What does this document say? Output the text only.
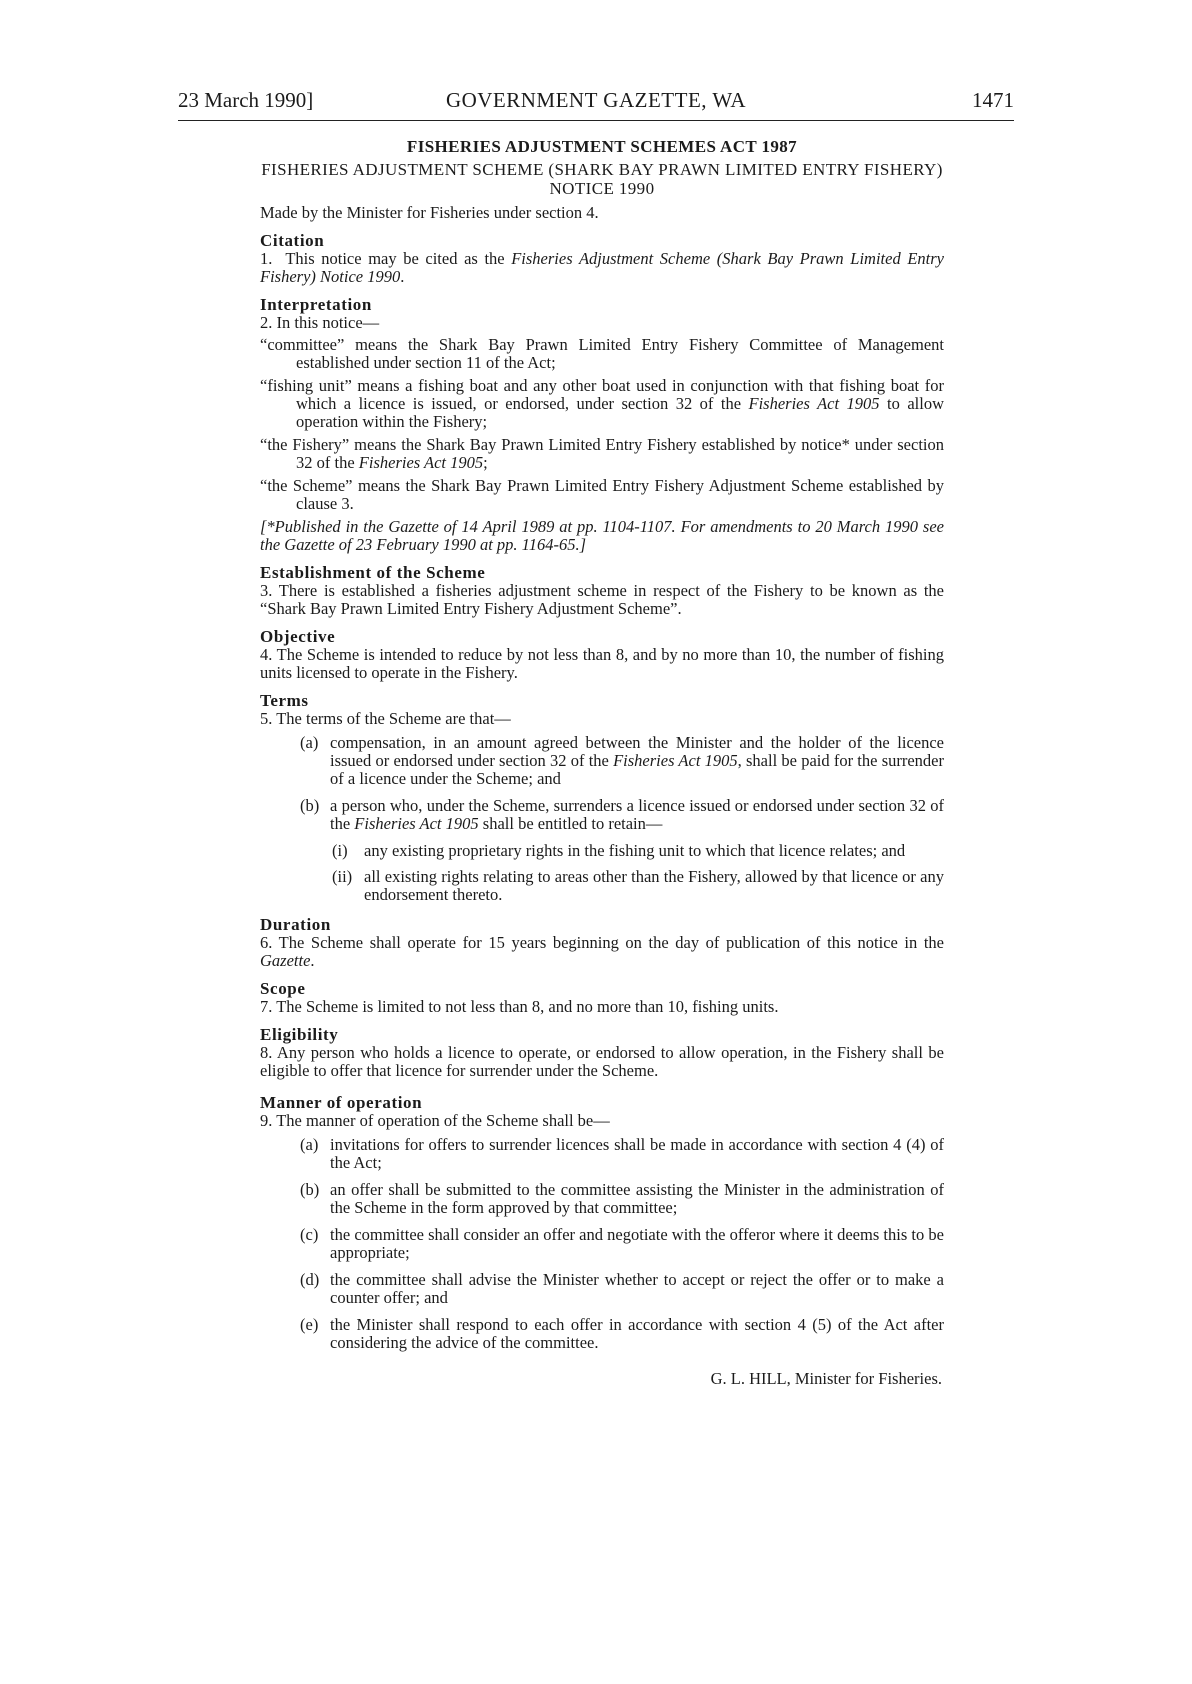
23 March 1990]	GOVERNMENT GAZETTE, WA	1471
FISHERIES ADJUSTMENT SCHEMES ACT 1987
FISHERIES ADJUSTMENT SCHEME (SHARK BAY PRAWN LIMITED ENTRY FISHERY) NOTICE 1990

Made by the Minister for Fisheries under section 4.

Citation

1. This notice may be cited as the Fisheries Adjustment Scheme (Shark Bay Prawn Limited Entry Fishery) Notice 1990.

Interpretation

2. In this notice—

“committee” means the Shark Bay Prawn Limited Entry Fishery Committee of Management established under section 11 of the Act;

“fishing unit” means a fishing boat and any other boat used in conjunction with that fishing boat for which a licence is issued, or endorsed, under section 32 of the Fisheries Act 1905 to allow operation within the Fishery;

“the Fishery” means the Shark Bay Prawn Limited Entry Fishery established by notice* under section 32 of the Fisheries Act 1905;

“the Scheme” means the Shark Bay Prawn Limited Entry Fishery Adjustment Scheme established by clause 3.

[*Published in the Gazette of 14 April 1989 at pp. 1104-1107. For amendments to 20 March 1990 see the Gazette of 23 February 1990 at pp. 1164-65.]

Establishment of the Scheme

3. There is established a fisheries adjustment scheme in respect of the Fishery to be known as the “Shark Bay Prawn Limited Entry Fishery Adjustment Scheme”.

Objective

4. The Scheme is intended to reduce by not less than 8, and by no more than 10, the number of fishing units licensed to operate in the Fishery.

Terms

5. The terms of the Scheme are that—

(a) compensation, in an amount agreed between the Minister and the holder of the licence issued or endorsed under section 32 of the Fisheries Act 1905, shall be paid for the surrender of a licence under the Scheme; and

(b) a person who, under the Scheme, surrenders a licence issued or endorsed under section 32 of the Fisheries Act 1905 shall be entitled to retain—

(i) any existing proprietary rights in the fishing unit to which that licence relates; and

(ii) all existing rights relating to areas other than the Fishery, allowed by that licence or any endorsement thereto.

Duration

6. The Scheme shall operate for 15 years beginning on the day of publication of this notice in the Gazette.

Scope

7. The Scheme is limited to not less than 8, and no more than 10, fishing units.

Eligibility

8. Any person who holds a licence to operate, or endorsed to allow operation, in the Fishery shall be eligible to offer that licence for surrender under the Scheme.

Manner of operation

9. The manner of operation of the Scheme shall be—

(a) invitations for offers to surrender licences shall be made in accordance with section 4 (4) of the Act;

(b) an offer shall be submitted to the committee assisting the Minister in the administration of the Scheme in the form approved by that committee;

(c) the committee shall consider an offer and negotiate with the offeror where it deems this to be appropriate;

(d) the committee shall advise the Minister whether to accept or reject the offer or to make a counter offer; and

(e) the Minister shall respond to each offer in accordance with section 4 (5) of the Act after considering the advice of the committee.

G. L. HILL, Minister for Fisheries.
